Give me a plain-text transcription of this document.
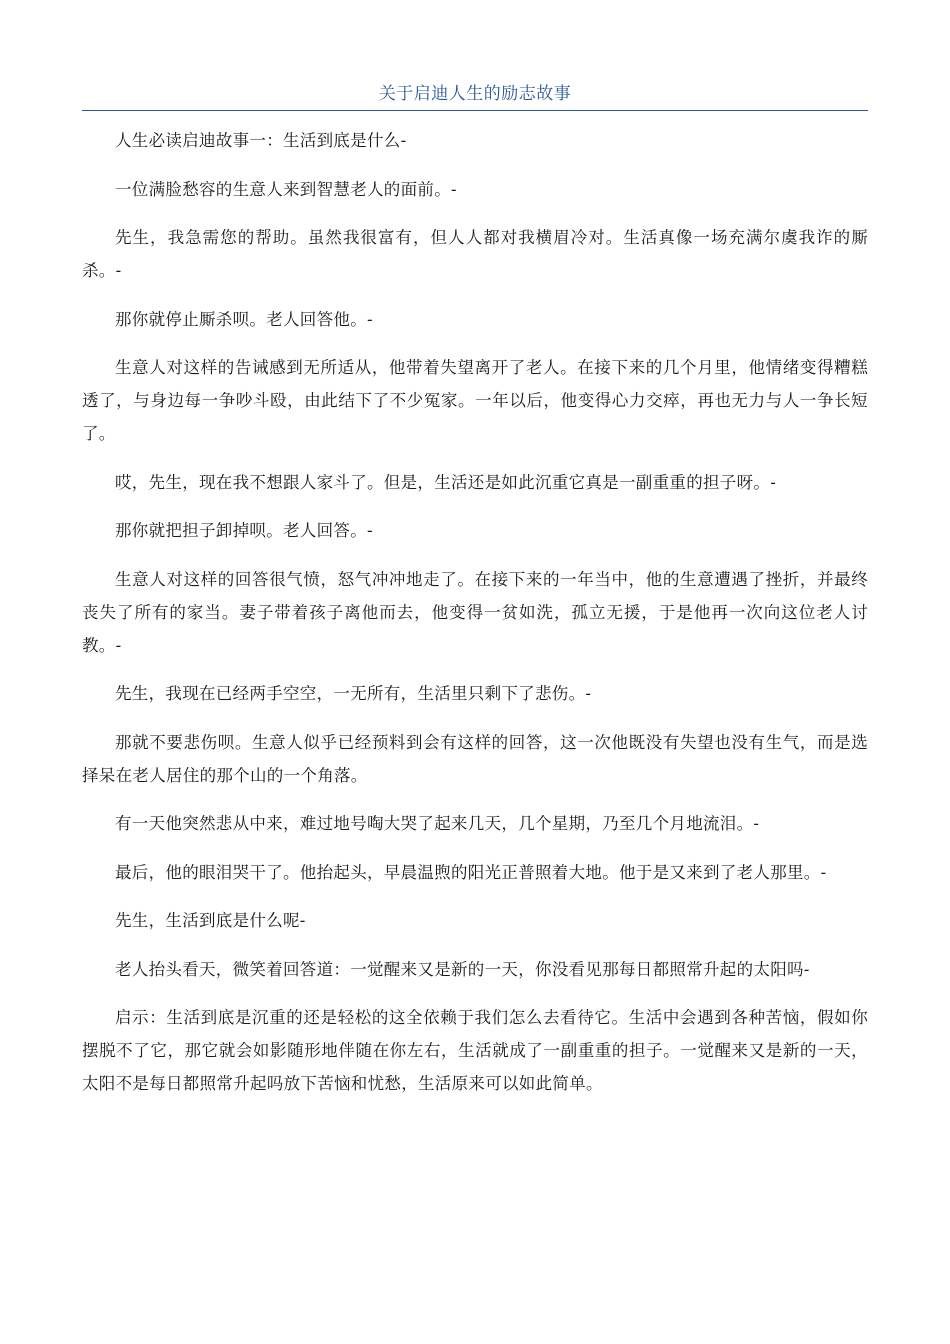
关于启迪人生的励志故事

人生必读启迪故事一：生活到底是什么-

一位满脸愁容的生意人来到智慧老人的面前。-

先生，我急需您的帮助。虽然我很富有，但人人都对我横眉冷对。生活真像一场充满尔虞我诈的厮杀。-

那你就停止厮杀呗。老人回答他。-

生意人对这样的告诫感到无所适从，他带着失望离开了老人。在接下来的几个月里，他情绪变得糟糕透了，与身边每一争吵斗殴，由此结下了不少冤家。一年以后，他变得心力交瘁，再也无力与人一争长短了。

哎，先生，现在我不想跟人家斗了。但是，生活还是如此沉重它真是一副重重的担子呀。-

那你就把担子卸掉呗。老人回答。-

生意人对这样的回答很气愤，怒气冲冲地走了。在接下来的一年当中，他的生意遭遇了挫折，并最终丧失了所有的家当。妻子带着孩子离他而去，他变得一贫如洗，孤立无援，于是他再一次向这位老人讨教。-

先生，我现在已经两手空空，一无所有，生活里只剩下了悲伤。-

那就不要悲伤呗。生意人似乎已经预料到会有这样的回答，这一次他既没有失望也没有生气，而是选择呆在老人居住的那个山的一个角落。

有一天他突然悲从中来，难过地号啕大哭了起来几天，几个星期，乃至几个月地流泪。-

最后，他的眼泪哭干了。他抬起头，早晨温煦的阳光正普照着大地。他于是又来到了老人那里。-

先生，生活到底是什么呢-

老人抬头看天，微笑着回答道：一觉醒来又是新的一天，你没看见那每日都照常升起的太阳吗-

启示：生活到底是沉重的还是轻松的这全依赖于我们怎么去看待它。生活中会遇到各种苦恼，假如你摆脱不了它，那它就会如影随形地伴随在你左右，生活就成了一副重重的担子。一觉醒来又是新的一天，太阳不是每日都照常升起吗放下苦恼和忧愁，生活原来可以如此简单。
